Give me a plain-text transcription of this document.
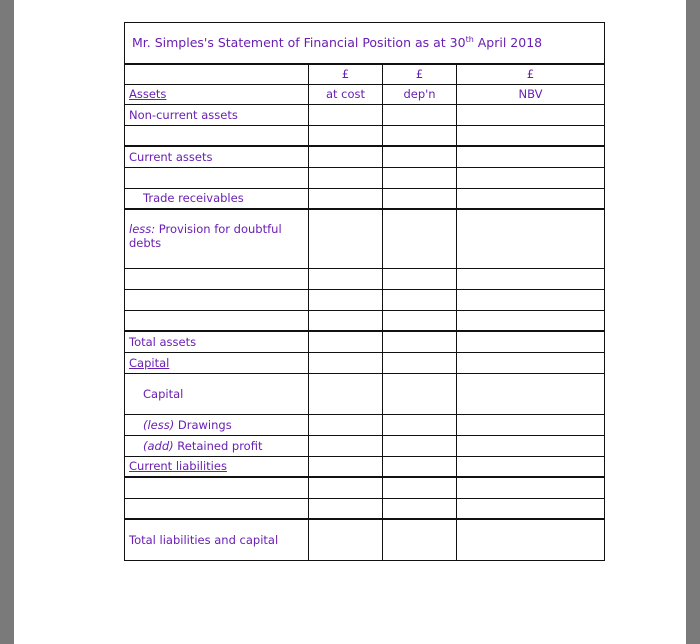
Mr. Simples's Statement of Financial Position as at 30th April 2018			
	£	£	£
Assets	at cost	dep'n	NBV
Non-current assets			

Current assets			

Trade receivables			
less: Provision for doubtful debts			

Total assets			
Capital			
Capital			
(less) Drawings			
(add) Retained profit			
Current liabilities			

Total liabilities and capital			
